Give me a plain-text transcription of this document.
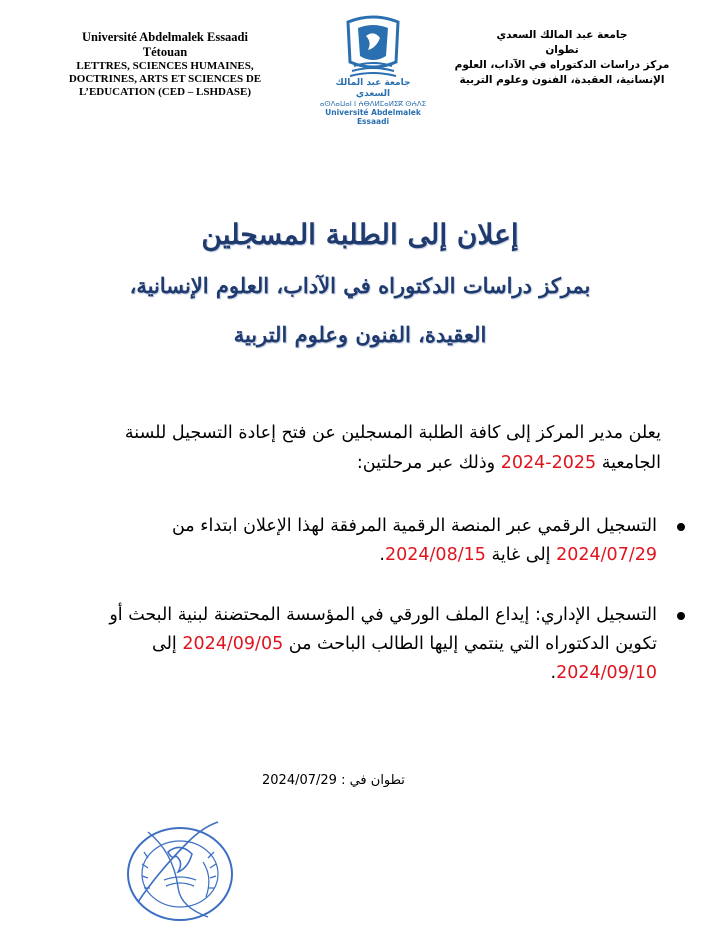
Université Abdelmalek Essaadi
Tétouan
LETTRES, SCIENCES HUMAINES,
DOCTRINES, ARTS ET SCIENCES DE
L’EDUCATION (CED – LSHDASE)
جامعة عبد المالك السعدي
ⴰⵙⴷⴰⵡⴰⵏ ⵏ ⵄⴱⴷⵍⵎⴰⵍⵉⴽ ⵙⵄⴷⵉ
Université Abdelmalek Essaadi
جامعة عبد المالك السعدي
تطوان
مركز دراسات الدكتوراه في الآداب، العلوم
الإنسانية، العقيدة، الفنون وعلوم التربية
إعلان إلى الطلبة المسجلين
بمركز دراسات الدكتوراه في الآداب، العلوم الإنسانية،
العقيدة، الفنون وعلوم التربية
يعلن مدير المركز إلى كافة الطلبة المسجلين عن فتح إعادة التسجيل للسنة الجامعية 2025-2024 وذلك عبر مرحلتين:
التسجيل الرقمي عبر المنصة الرقمية المرفقة لهذا الإعلان ابتداء من 2024/07/29 إلى غاية 2024/08/15.
التسجيل الإداري: إيداع الملف الورقي في المؤسسة المحتضنة لبنية البحث أو تكوين الدكتوراه التي ينتمي إليها الطالب الباحث من 2024/09/05 إلى 2024/09/10.
تطوان في : 2024/07/29
